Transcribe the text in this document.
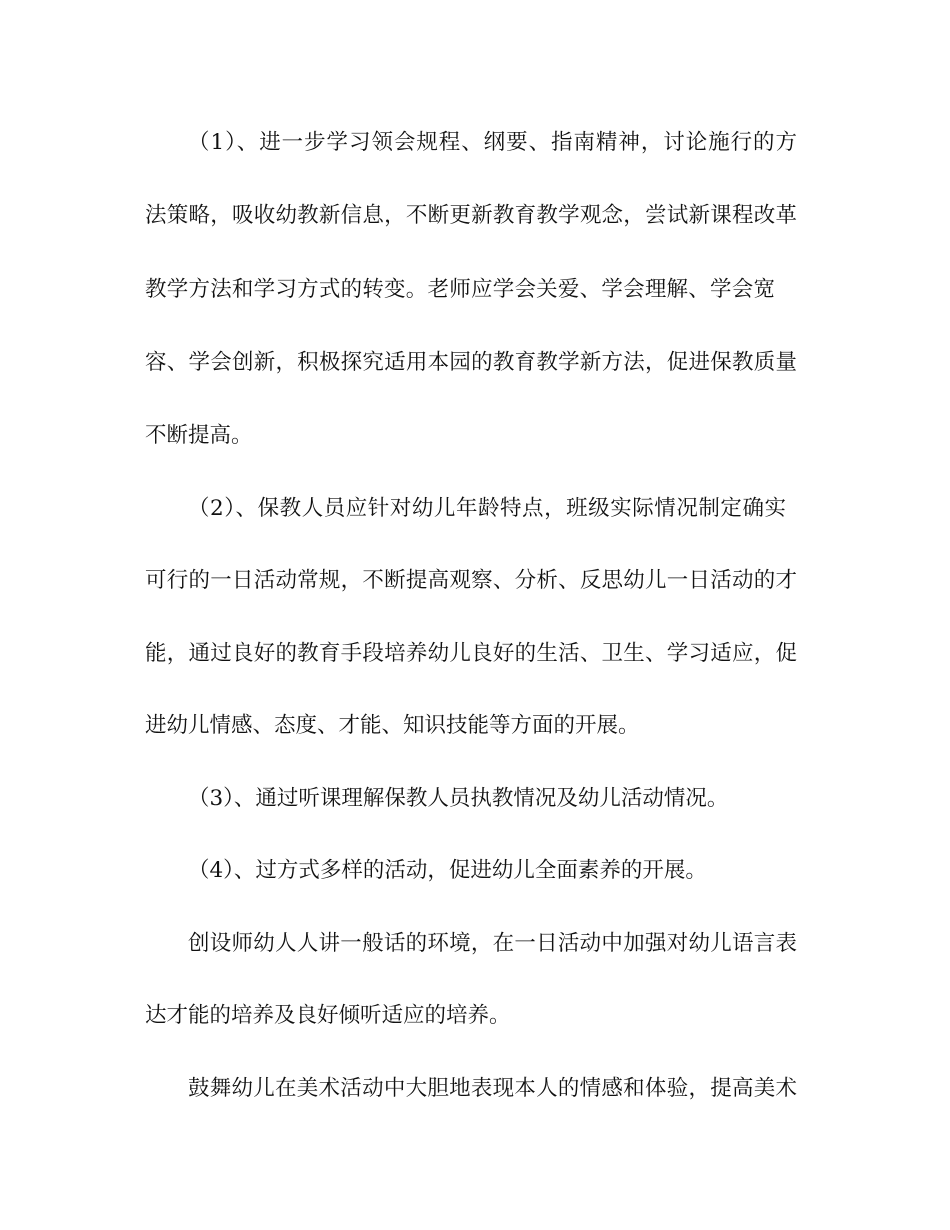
（1）、进一步学习领会规程、纲要、指南精神，讨论施行的方
法策略，吸收幼教新信息，不断更新教育教学观念，尝试新课程改革
教学方法和学习方式的转变。老师应学会关爱、学会理解、学会宽
容、学会创新，积极探究适用本园的教育教学新方法，促进保教质量
不断提高。
（2）、保教人员应针对幼儿年龄特点，班级实际情况制定确实
可行的一日活动常规，不断提高观察、分析、反思幼儿一日活动的才
能，通过良好的教育手段培养幼儿良好的生活、卫生、学习适应，促
进幼儿情感、态度、才能、知识技能等方面的开展。
（3）、通过听课理解保教人员执教情况及幼儿活动情况。
（4）、过方式多样的活动，促进幼儿全面素养的开展。
创设师幼人人讲一般话的环境，在一日活动中加强对幼儿语言表
达才能的培养及良好倾听适应的培养。
鼓舞幼儿在美术活动中大胆地表现本人的情感和体验，提高美术
